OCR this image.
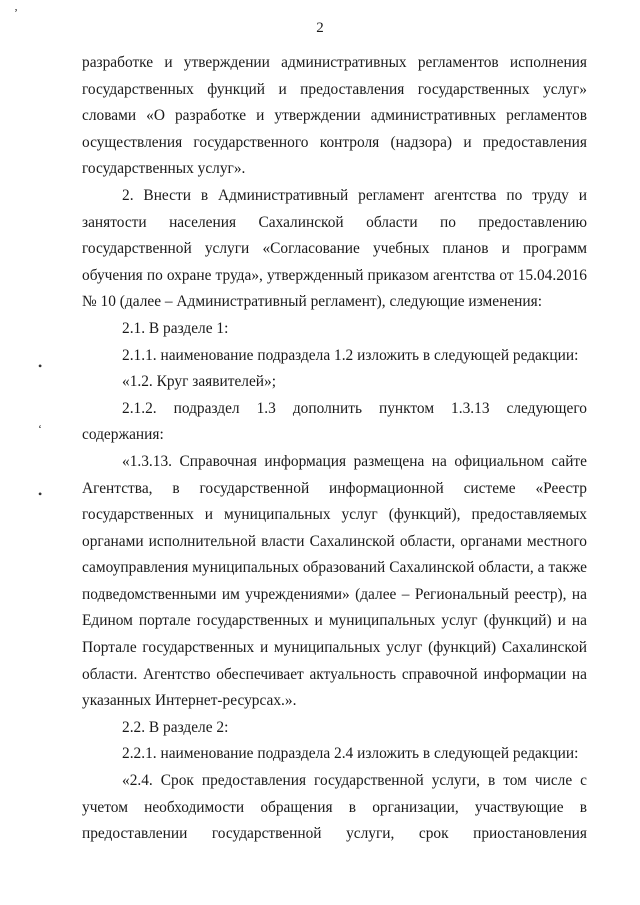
ʼ
•
ʻ
•
2
разработке и утверждении административных регламентов исполнения
государственных функций и предоставления государственных услуг»
словами «О разработке и утверждении административных регламентов
осуществления государственного контроля (надзора) и предоставления
государственных услуг».
2. Внести в Административный регламент агентства по труду и
занятости населения Сахалинской области по предоставлению
государственной услуги «Согласование учебных планов и программ
обучения по охране труда», утвержденный приказом агентства от 15.04.2016
№ 10 (далее – Административный регламент), следующие изменения:
2.1. В разделе 1:
2.1.1. наименование подраздела 1.2 изложить в следующей редакции:
«1.2. Круг заявителей»;
2.1.2. подраздел 1.3 дополнить пунктом 1.3.13 следующего
содержания:
«1.3.13. Справочная информация размещена на официальном сайте
Агентства, в государственной информационной системе «Реестр
государственных и муниципальных услуг (функций), предоставляемых
органами исполнительной власти Сахалинской области, органами местного
самоуправления муниципальных образований Сахалинской области, а также
подведомственными им учреждениями» (далее – Региональный реестр), на
Едином портале государственных и муниципальных услуг (функций) и на
Портале государственных и муниципальных услуг (функций) Сахалинской
области. Агентство обеспечивает актуальность справочной информации на
указанных Интернет-ресурсах.».
2.2. В разделе 2:
2.2.1. наименование подраздела 2.4 изложить в следующей редакции:
«2.4. Срок предоставления государственной услуги, в том числе с
учетом необходимости обращения в организации, участвующие в
предоставлении государственной услуги, срок приостановления
